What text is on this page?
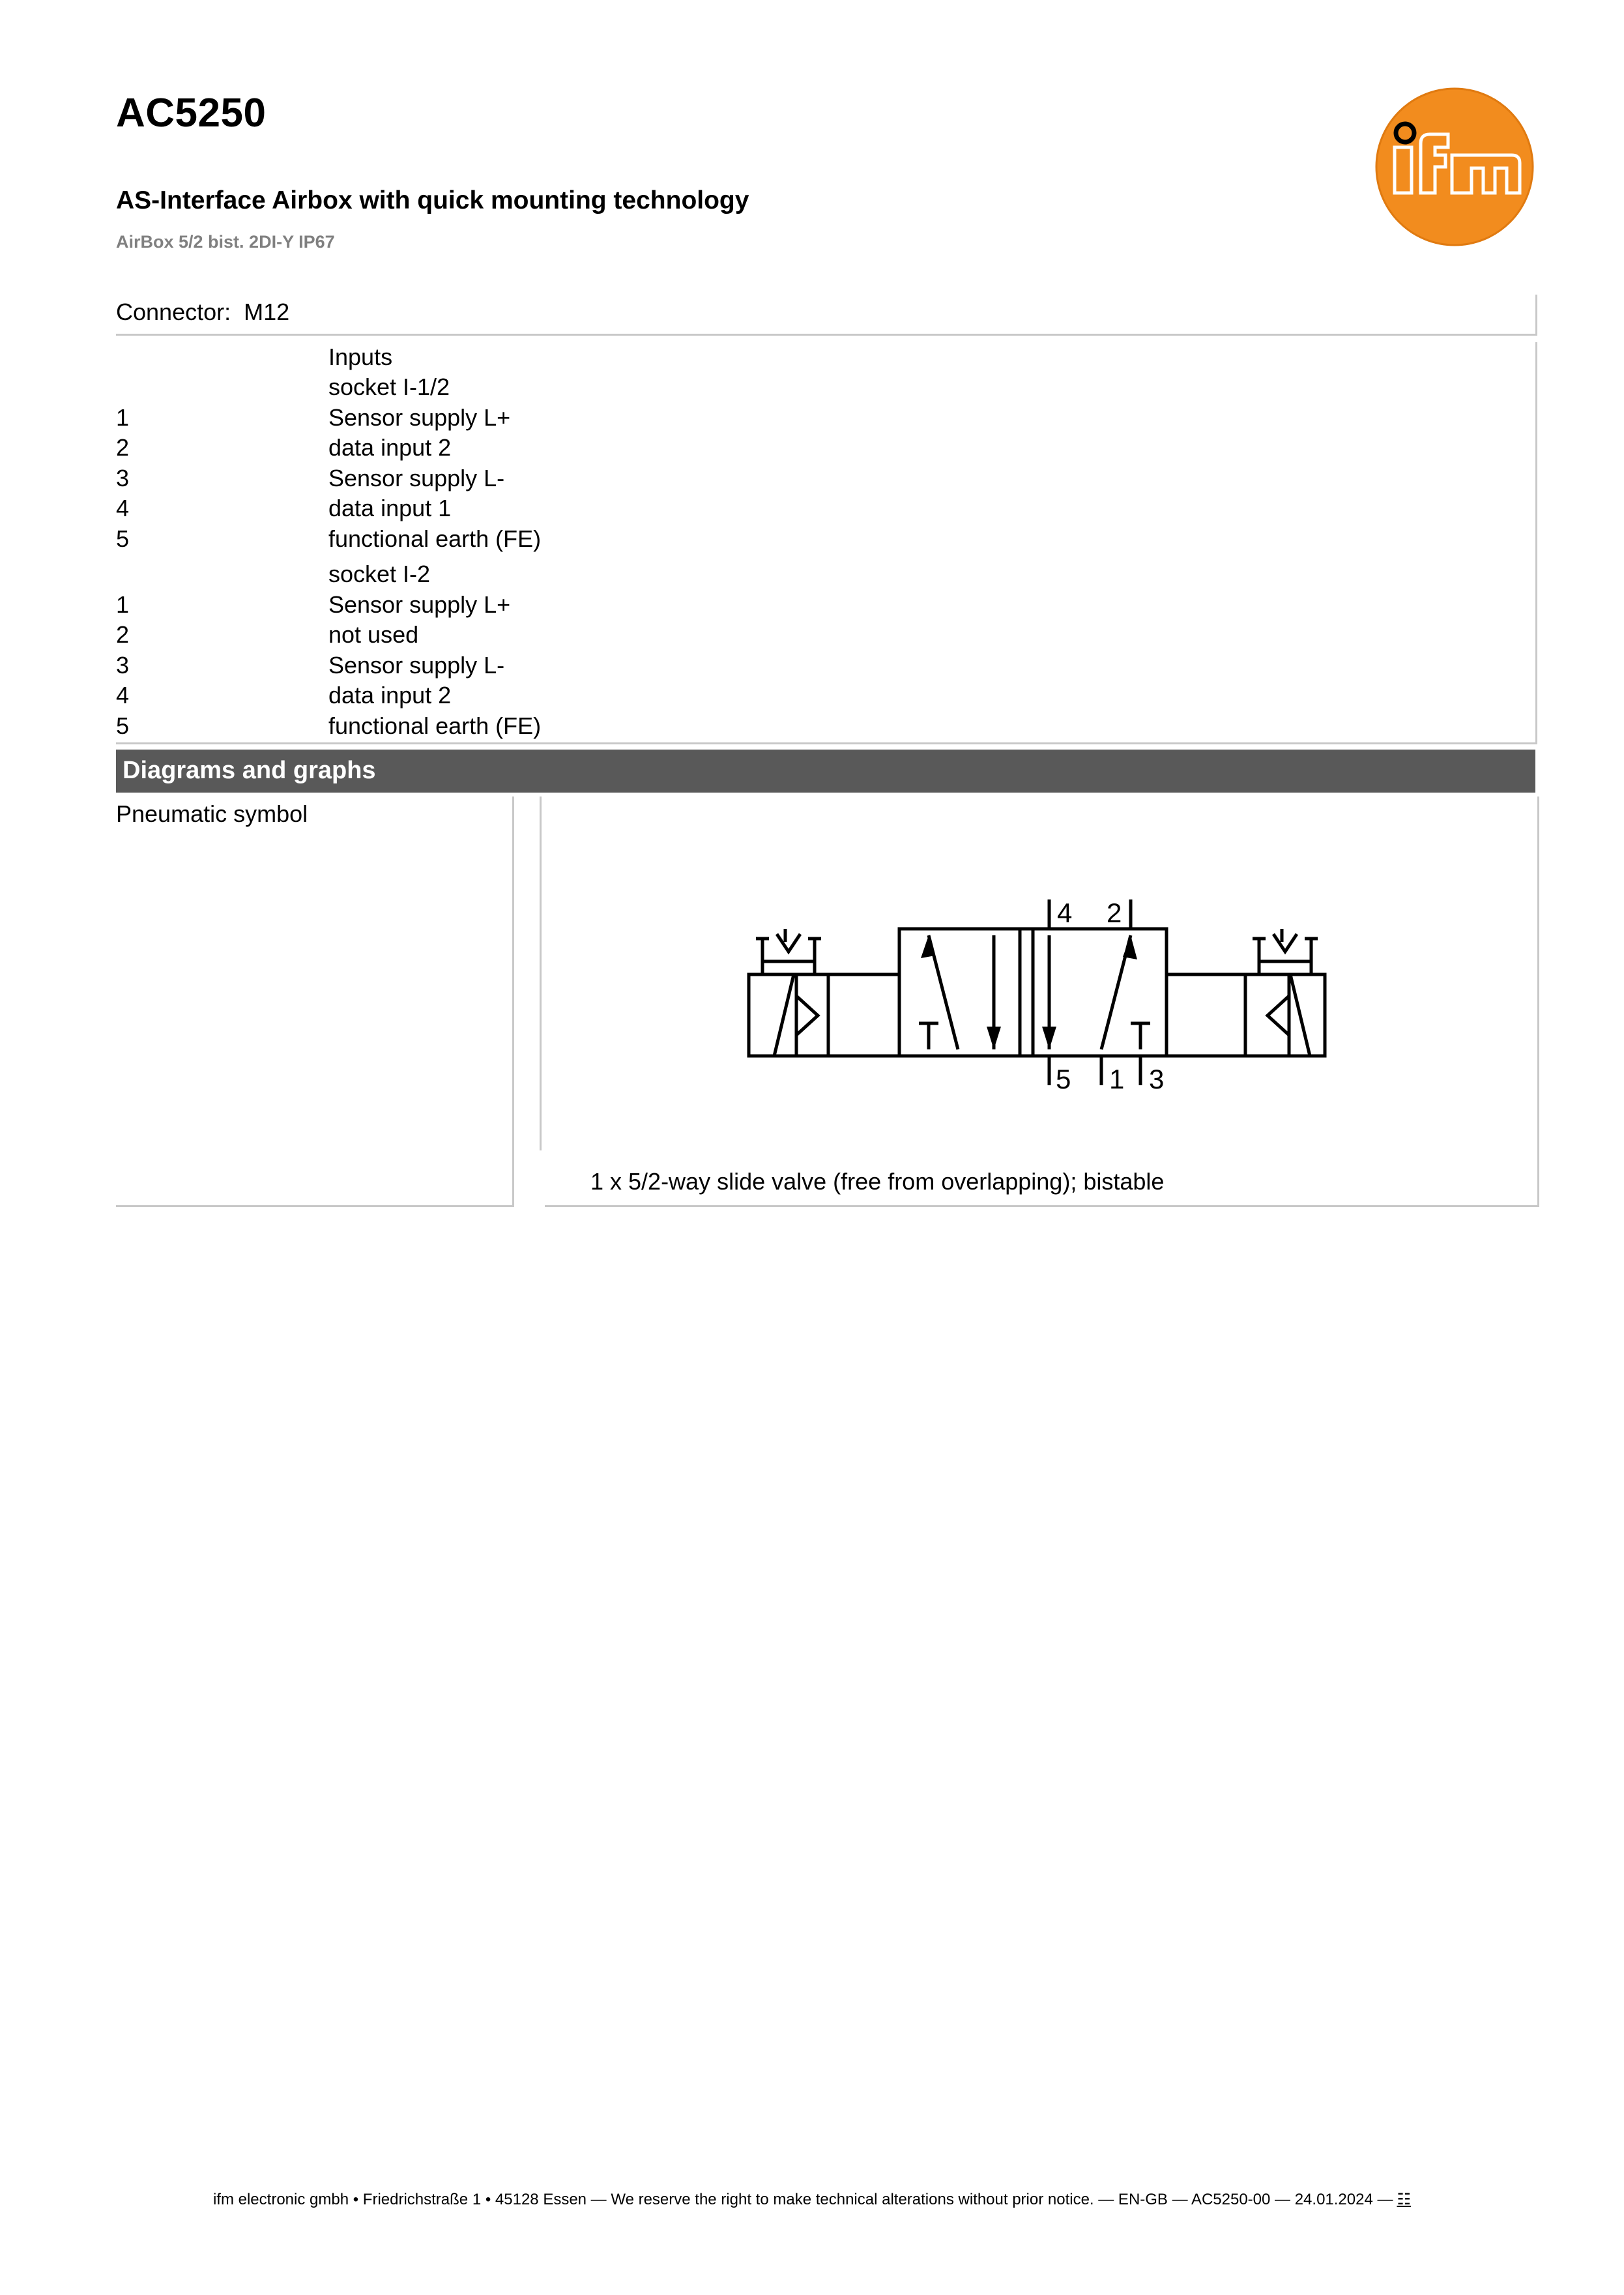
AC5250
AS-Interface Airbox with quick mounting technology
AirBox 5/2 bist. 2DI-Y IP67
Connector: M12
Inputs
socket I-1/2
1	Sensor supply L+
2	data input 2
3	Sensor supply L-
4	data input 1
5	functional earth (FE)
socket I-2
1	Sensor supply L+
2	not used
3	Sensor supply L-
4	data input 2
5	functional earth (FE)
Diagrams and graphs
Pneumatic symbol
4 2
5 1 3
1 x 5/2-way slide valve (free from overlapping); bistable
ifm electronic gmbh • Friedrichstraße 1 • 45128 Essen — We reserve the right to make technical alterations without prior notice. — EN-GB — AC5250-00 — 24.01.2024 — ☷
